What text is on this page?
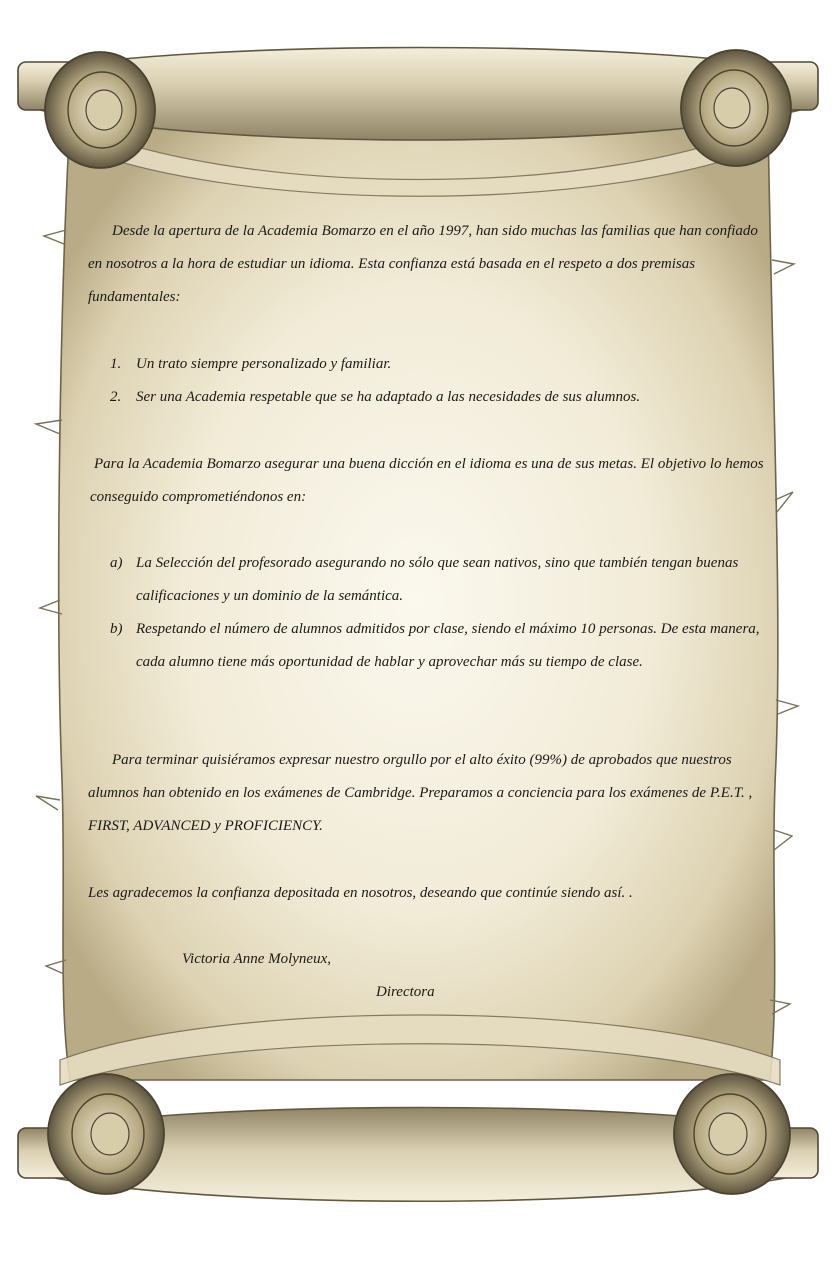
Desde la apertura de la Academia Bomarzo en el año 1997, han sido muchas las familias que han confiado en nosotros a la hora de estudiar un idioma. Esta confianza está basada en el respeto a dos premisas fundamentales:

1. Un trato siempre personalizado y familiar.
2. Ser una Academia respetable que se ha adaptado a las necesidades de sus alumnos.

Para la Academia Bomarzo asegurar una buena dicción en el idioma es una de sus metas. El objetivo lo hemos conseguido comprometiéndonos en:

a) La Selección del profesorado asegurando no sólo que sean nativos, sino que también tengan buenas calificaciones y un dominio de la semántica.
b) Respetando el número de alumnos admitidos por clase, siendo el máximo 10 personas. De esta manera, cada alumno tiene más oportunidad de hablar y aprovechar más su tiempo de clase.

Para terminar quisiéramos expresar nuestro orgullo por el alto éxito (99%) de aprobados que nuestros alumnos han obtenido en los exámenes de Cambridge. Preparamos a conciencia para los exámenes de P.E.T. , FIRST, ADVANCED y PROFICIENCY.

Les agradecemos la confianza depositada en nosotros, deseando que continúe siendo así. .

Victoria Anne Molyneux,

Directora
